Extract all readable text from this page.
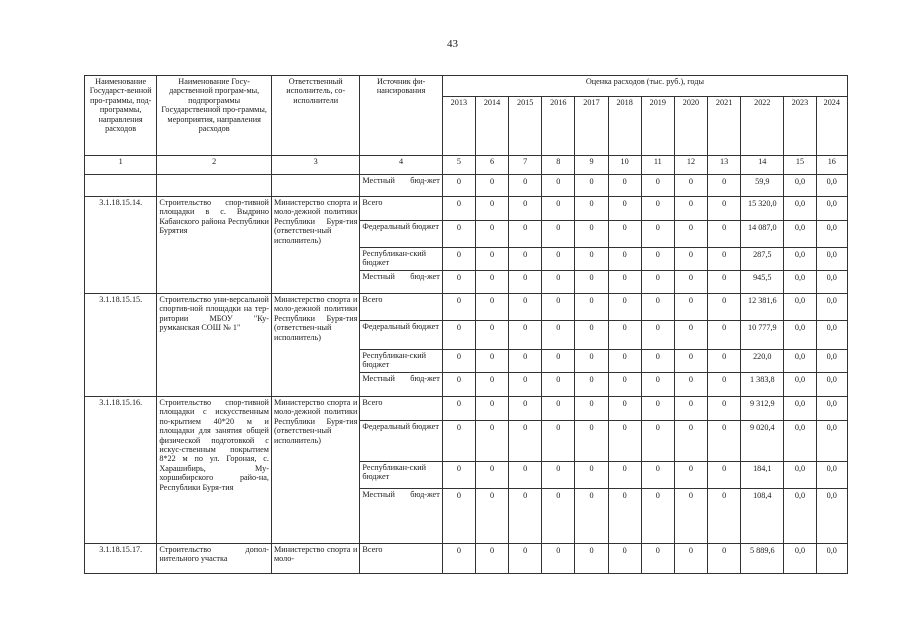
43
Наименование Государст-венной про-граммы, под-программы, направления расходов	Наименование Госу-дарственной програм-мы, подпрограммы Государственной про-граммы, мероприятия, направления расходов	Ответственный исполнитель, со-исполнители	Источник фи-нансирования	Оценка расходов (тыс. руб.), годы											
				2013	2014	2015	2016	2017	2018	2019	2020	2021	2022	2023	2024
1	2	3	4	5	6	7	8	9	10	11	12	13	14	15	16
			Местный бюд-жет	0	0	0	0	0	0	0	0	0	59,9	0,0	0,0
3.1.18.15.14.	Строительство спор-тивной площадки в с. Выдрино Кабанского района Республики Бурятия	Министерство спорта и моло-дежной политики Республики Буря-тия (ответствен-ный исполнитель)	Всего	0	0	0	0	0	0	0	0	0	15 320,0	0,0	0,0
			Федеральный бюджет	0	0	0	0	0	0	0	0	0	14 087,0	0,0	0,0
			Республикан-ский бюджет	0	0	0	0	0	0	0	0	0	287,5	0,0	0,0
			Местный бюд-жет	0	0	0	0	0	0	0	0	0	945,5	0,0	0,0
3.1.18.15.15.	Строительство уни-версальной спортив-ной площадки на тер-ритории МБОУ "Ку-румканская СОШ № 1"	Министерство спорта и моло-дежной политики Республики Буря-тия (ответствен-ный исполнитель)	Всего	0	0	0	0	0	0	0	0	0	12 381,6	0,0	0,0
			Федеральный бюджет	0	0	0	0	0	0	0	0	0	10 777,9	0,0	0,0
			Республикан-ский бюджет	0	0	0	0	0	0	0	0	0	220,0	0,0	0,0
			Местный бюд-жет	0	0	0	0	0	0	0	0	0	1 383,8	0,0	0,0
3.1.18.15.16.	Строительство спор-тивной площадки с искусственным по-крытием 40*20 м и площадки для занятия общей физической подготовкой с искус-ственным покрытием 8*22 м по ул. Гороная, с. Хаpашибирь, Му-хоршибирского райо-на, Республики Буря-тия	Министерство спорта и моло-дежной политики Республики Буря-тия (ответствен-ный исполнитель)	Всего	0	0	0	0	0	0	0	0	0	9 312,9	0,0	0,0
			Федеральный бюджет	0	0	0	0	0	0	0	0	0	9 020,4	0,0	0,0
			Республикан-ский бюджет	0	0	0	0	0	0	0	0	0	184,1	0,0	0,0
			Местный бюд-жет	0	0	0	0	0	0	0	0	0	108,4	0,0	0,0
3.1.18.15.17.	Строительство допол-нительного участка	Министерство спорта и моло-	Всего	0	0	0	0	0	0	0	0	0	5 889,6	0,0	0,0
